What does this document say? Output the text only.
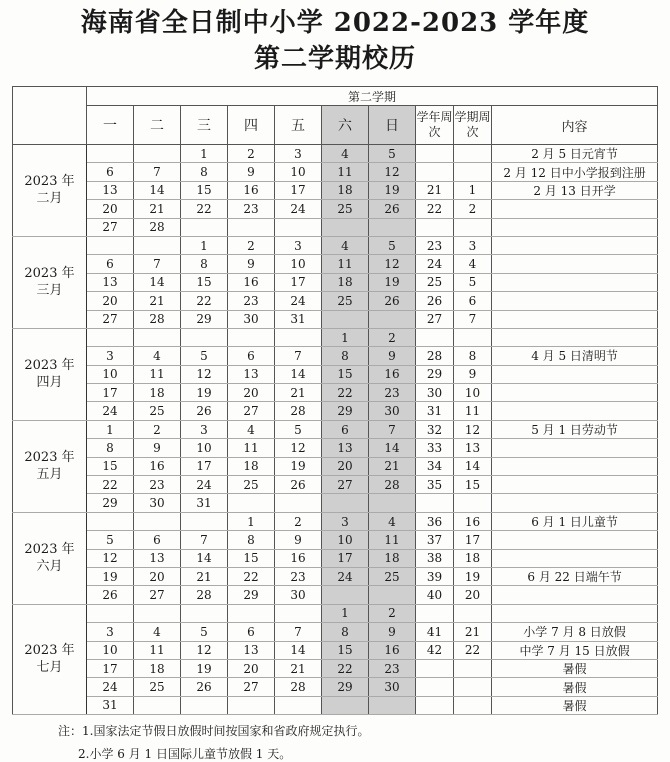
海南省全日制中小学 2022-2023 学年度
第二学期校历
	第二学期									
	一	二	三	四	五	六	日	学年周次	学期周次	内容
2023 年
二月			1	2	3	4	5			2 月 5 日元宵节
	6	7	8	9	10	11	12			2 月 12 日中小学报到注册
	13	14	15	16	17	18	19	21	1	2 月 13 日开学
	20	21	22	23	24	25	26	22	2	
	27	28								
2023 年
三月			1	2	3	4	5	23	3	
	6	7	8	9	10	11	12	24	4	
	13	14	15	16	17	18	19	25	5	
	20	21	22	23	24	25	26	26	6	
	27	28	29	30	31			27	7	
2023 年
四月						1	2			
	3	4	5	6	7	8	9	28	8	4 月 5 日清明节
	10	11	12	13	14	15	16	29	9	
	17	18	19	20	21	22	23	30	10	
	24	25	26	27	28	29	30	31	11	
2023 年
五月	1	2	3	4	5	6	7	32	12	5 月 1 日劳动节
	8	9	10	11	12	13	14	33	13	
	15	16	17	18	19	20	21	34	14	
	22	23	24	25	26	27	28	35	15	
	29	30	31							
2023 年
六月				1	2	3	4	36	16	6 月 1 日儿童节
	5	6	7	8	9	10	11	37	17	
	12	13	14	15	16	17	18	38	18	
	19	20	21	22	23	24	25	39	19	6 月 22 日端午节
	26	27	28	29	30			40	20	
2023 年
七月						1	2			
	3	4	5	6	7	8	9	41	21	小学 7 月 8 日放假
	10	11	12	13	14	15	16	42	22	中学 7 月 15 日放假
	17	18	19	20	21	22	23			暑假
	24	25	26	27	28	29	30			暑假
	31									暑假
注：1.国家法定节假日放假时间按国家和省政府规定执行。
2.小学 6 月 1 日国际儿童节放假 1 天。
